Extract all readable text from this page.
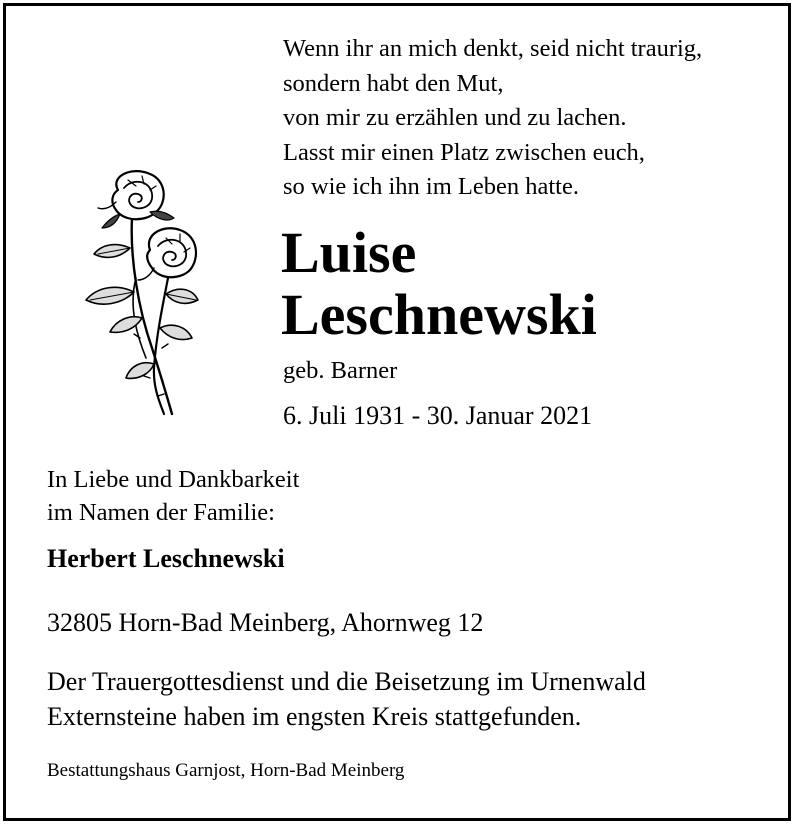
Wenn ihr an mich denkt, seid nicht traurig,
sondern habt den Mut,
von mir zu erzählen und zu lachen.
Lasst mir einen Platz zwischen euch,
so wie ich ihn im Leben hatte.
Luise
Leschnewski
geb. Barner
6. Juli 1931 - 30. Januar 2021
In Liebe und Dankbarkeit
im Namen der Familie:
Herbert Leschnewski
32805 Horn-Bad Meinberg, Ahornweg 12
Der Trauergottesdienst und die Beisetzung im Urnenwald
Externsteine haben im engsten Kreis stattgefunden.
Bestattungshaus Garnjost, Horn-Bad Meinberg
